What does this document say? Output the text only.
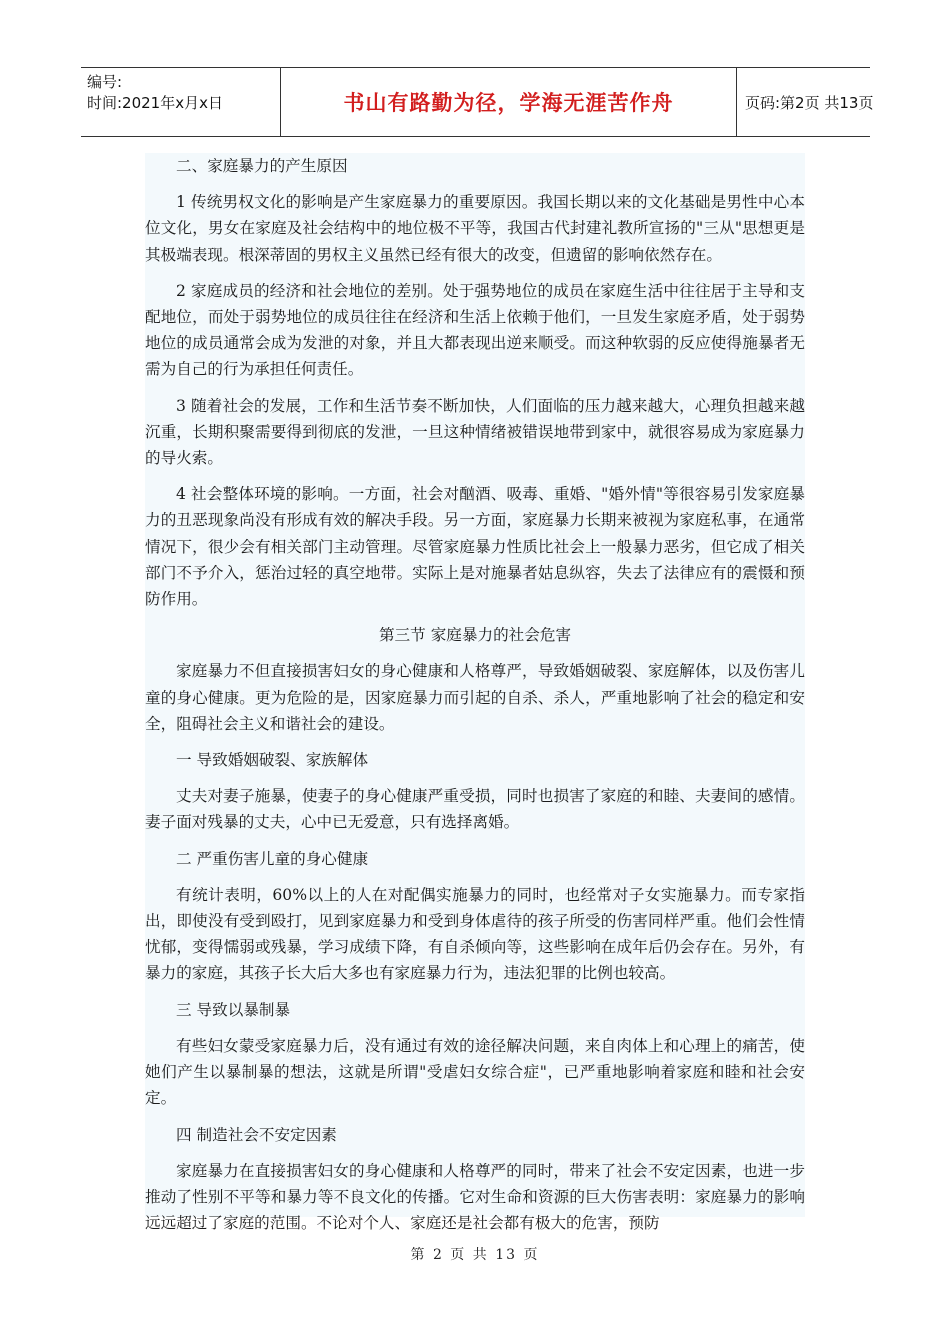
编号:
时间:2021年x月x日	书山有路勤为径，学海无涯苦作舟	页码:第2页 共13页

二、家庭暴力的产生原因

1 传统男权文化的影响是产生家庭暴力的重要原因。我国长期以来的文化基础是男性中心本位文化，男女在家庭及社会结构中的地位极不平等，我国古代封建礼教所宣扬的"三从"思想更是其极端表现。根深蒂固的男权主义虽然已经有很大的改变，但遗留的影响依然存在。

2 家庭成员的经济和社会地位的差别。处于强势地位的成员在家庭生活中往往居于主导和支配地位，而处于弱势地位的成员往往在经济和生活上依赖于他们，一旦发生家庭矛盾，处于弱势地位的成员通常会成为发泄的对象，并且大都表现出逆来顺受。而这种软弱的反应使得施暴者无需为自己的行为承担任何责任。

3 随着社会的发展，工作和生活节奏不断加快，人们面临的压力越来越大，心理负担越来越沉重，长期积聚需要得到彻底的发泄，一旦这种情绪被错误地带到家中，就很容易成为家庭暴力的导火索。

4 社会整体环境的影响。一方面，社会对酗酒、吸毒、重婚、"婚外情"等很容易引发家庭暴力的丑恶现象尚没有形成有效的解决手段。另一方面，家庭暴力长期来被视为家庭私事，在通常情况下，很少会有相关部门主动管理。尽管家庭暴力性质比社会上一般暴力恶劣，但它成了相关部门不予介入，惩治过轻的真空地带。实际上是对施暴者姑息纵容，失去了法律应有的震慑和预防作用。

第三节 家庭暴力的社会危害

家庭暴力不但直接损害妇女的身心健康和人格尊严，导致婚姻破裂、家庭解体，以及伤害儿童的身心健康。更为危险的是，因家庭暴力而引起的自杀、杀人，严重地影响了社会的稳定和安全，阻碍社会主义和谐社会的建设。

一 导致婚姻破裂、家族解体

丈夫对妻子施暴，使妻子的身心健康严重受损，同时也损害了家庭的和睦、夫妻间的感情。妻子面对残暴的丈夫，心中已无爱意，只有选择离婚。

二 严重伤害儿童的身心健康

有统计表明，60%以上的人在对配偶实施暴力的同时，也经常对子女实施暴力。而专家指出，即使没有受到殴打，见到家庭暴力和受到身体虐待的孩子所受的伤害同样严重。他们会性情忧郁，变得懦弱或残暴，学习成绩下降，有自杀倾向等，这些影响在成年后仍会存在。另外，有暴力的家庭，其孩子长大后大多也有家庭暴力行为，违法犯罪的比例也较高。

三 导致以暴制暴

有些妇女蒙受家庭暴力后，没有通过有效的途径解决问题，来自肉体上和心理上的痛苦，使她们产生以暴制暴的想法，这就是所谓"受虐妇女综合症"，已严重地影响着家庭和睦和社会安定。

四 制造社会不安定因素

家庭暴力在直接损害妇女的身心健康和人格尊严的同时，带来了社会不安定因素，也进一步推动了性别不平等和暴力等不良文化的传播。它对生命和资源的巨大伤害表明：家庭暴力的影响远远超过了家庭的范围。不论对个人、家庭还是社会都有极大的危害，预防

第 2 页 共 13 页
